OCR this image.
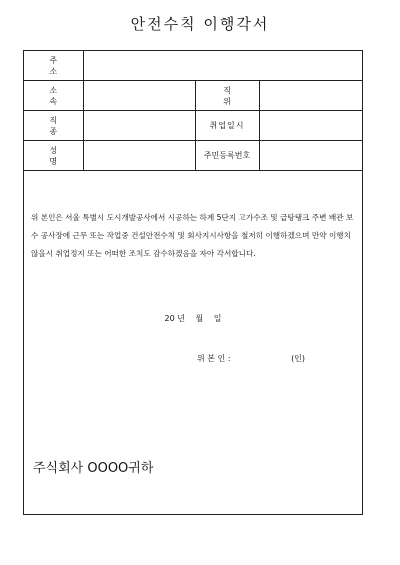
안전수칙 이행각서
주 소			
소 속		직 위	
직 종		취업일시	
성 명		주민등록번호	
위 본인은 서울 특별시 도시개발공사에서 시공하는 하계 5단지 고가수조 및 급탕탱크 주변 배관 보수 공사장에 근무 또는 작업중 건설안전수칙 및 회사지시사항을 철저히 이행하겠으며 만약 이행치 않을시 취업정지 또는 어떠한 조치도 감수하겠음을 자아 각서합니다.
20 년 월 일
위 본 인 :	(인)
주식회사 OOOO귀하
